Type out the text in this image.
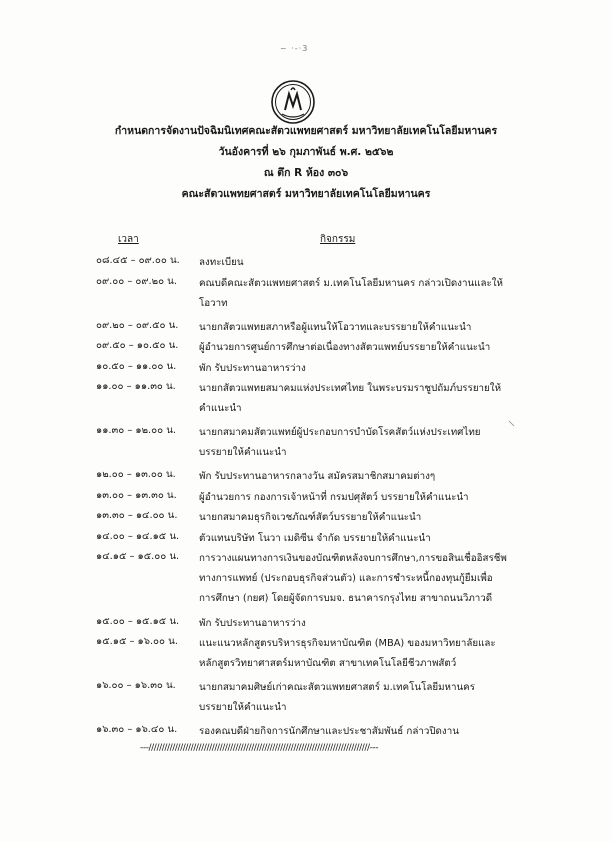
~ ·-·3
กำหนดการจัดงานปัจฉิมนิเทศคณะสัตวแพทยศาสตร์ มหาวิทยาลัยเทคโนโลยีมหานคร
วันอังคารที่ ๒๖ กุมภาพันธ์ พ.ศ. ๒๕๖๒
ณ ตึก R ห้อง ๓๐๖
คณะสัตวแพทยศาสตร์ มหาวิทยาลัยเทคโนโลยีมหานคร
เวลา	กิจกรรม
๐๘.๔๕ – ๐๙.๐๐ น.	ลงทะเบียน
๐๙.๐๐ – ๐๙.๒๐ น.	คณบดีคณะสัตวแพทยศาสตร์ ม.เทคโนโลยีมหานคร กล่าวเปิดงานและให้
โอวาท
๐๙.๒๐ – ๐๙.๕๐ น.	นายกสัตวแพทยสภาหรือผู้แทนให้โอวาทและบรรยายให้คำแนะนำ
๐๙.๕๐ – ๑๐.๕๐ น.	ผู้อำนวยการศูนย์การศึกษาต่อเนื่องทางสัตวแพทย์บรรยายให้คำแนะนำ
๑๐.๕๐ – ๑๑.๐๐ น.	พัก รับประทานอาหารว่าง
๑๑.๐๐ – ๑๑.๓๐ น.	นายกสัตวแพทยสมาคมแห่งประเทศไทย ในพระบรมราชูปถัมภ์บรรยายให้
คำแนะนำ
๑๑.๓๐ – ๑๒.๐๐ น.	นายกสมาคมสัตวแพทย์ผู้ประกอบการบำบัดโรคสัตว์แห่งประเทศไทย
บรรยายให้คำแนะนำ
๑๒.๐๐ – ๑๓.๐๐ น.	พัก รับประทานอาหารกลางวัน สมัครสมาชิกสมาคมต่างๆ
๑๓.๐๐ – ๑๓.๓๐ น.	ผู้อำนวยการ กองการเจ้าหน้าที่ กรมปศุสัตว์ บรรยายให้คำแนะนำ
๑๓.๓๐ – ๑๔.๐๐ น.	นายกสมาคมธุรกิจเวชภัณฑ์สัตว์บรรยายให้คำแนะนำ
๑๔.๐๐ – ๑๔.๑๕ น.	ตัวแทนบริษัท โนวา เมดิซีน จำกัด บรรยายให้คำแนะนำ
๑๔.๑๕ – ๑๕.๐๐ น.	การวางแผนทางการเงินของบัณฑิตหลังจบการศึกษา,การขอสินเชื่ออิสรชีพ
ทางการแพทย์ (ประกอบธุรกิจส่วนตัว) และการชำระหนี้กองทุนกู้ยืมเพื่อ
การศึกษา (กยศ) โดยผู้จัดการบมจ. ธนาคารกรุงไทย สาขาถนนวิภาวดี
๑๕.๐๐ – ๑๕.๑๕ น.	พัก รับประทานอาหารว่าง
๑๕.๑๕ – ๑๖.๐๐ น.	แนะแนวหลักสูตรบริหารธุรกิจมหาบัณฑิต (MBA) ของมหาวิทยาลัยและ
หลักสูตรวิทยาศาสตร์มหาบัณฑิต สาขาเทคโนโลยีชีวภาพสัตว์
๑๖.๐๐ – ๑๖.๓๐ น.	นายกสมาคมศิษย์เก่าคณะสัตวแพทยศาสตร์ ม.เทคโนโลยีมหานคร
บรรยายให้คำแนะนำ
๑๖.๓๐ – ๑๖.๔๐ น.	รองคณบดีฝ่ายกิจการนักศึกษาและประชาสัมพันธ์ กล่าวปิดงาน
---////////////////////////////////////////////////////////////////////////////////////---
